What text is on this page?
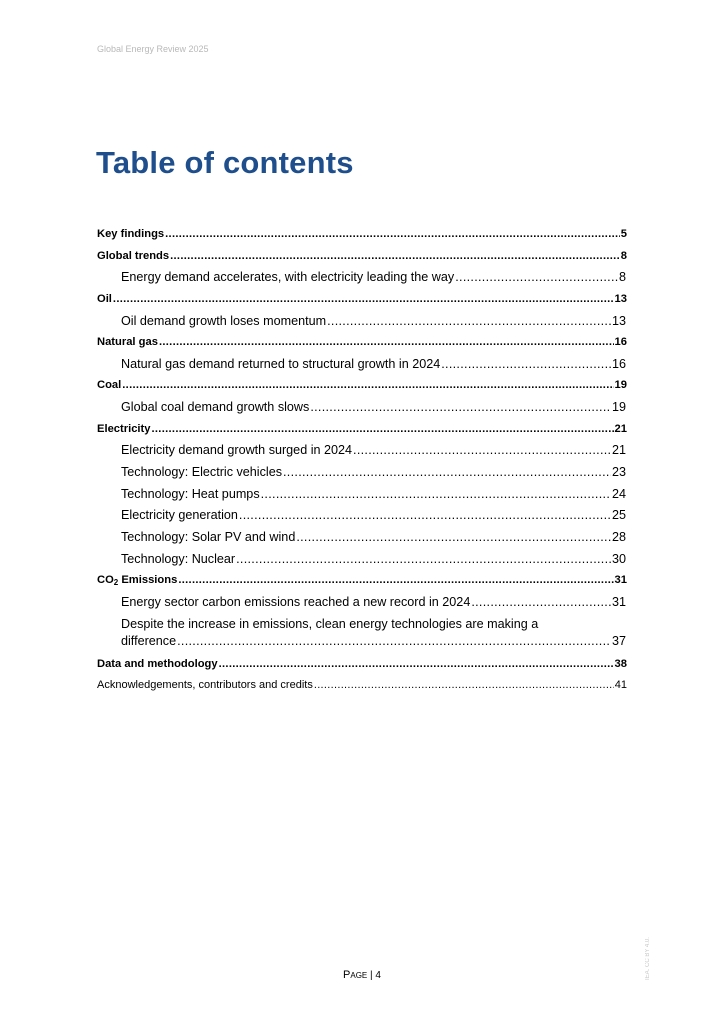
Global Energy Review 2025
Table of contents
Key findings .....	5
Global trends .....	8
Energy demand accelerates, with electricity leading the way .....	8
Oil .....	13
Oil demand growth loses momentum .....	13
Natural gas .....	16
Natural gas demand returned to structural growth in 2024 .....	16
Coal .....	19
Global coal demand growth slows .....	19
Electricity .....	21
Electricity demand growth surged in 2024 .....	21
Technology: Electric vehicles .....	23
Technology: Heat pumps .....	24
Electricity generation .....	25
Technology: Solar PV and wind .....	28
Technology: Nuclear .....	30
$CO_2$ Emissions .....	31
Energy sector carbon emissions reached a new record in 2024 .....	31
Despite the increase in emissions, clean energy technologies are making a
difference .....	37
Data and methodology .....	38
Acknowledgements, contributors and credits .....	41
IEA. CC BY 4.0.
Page | 4
